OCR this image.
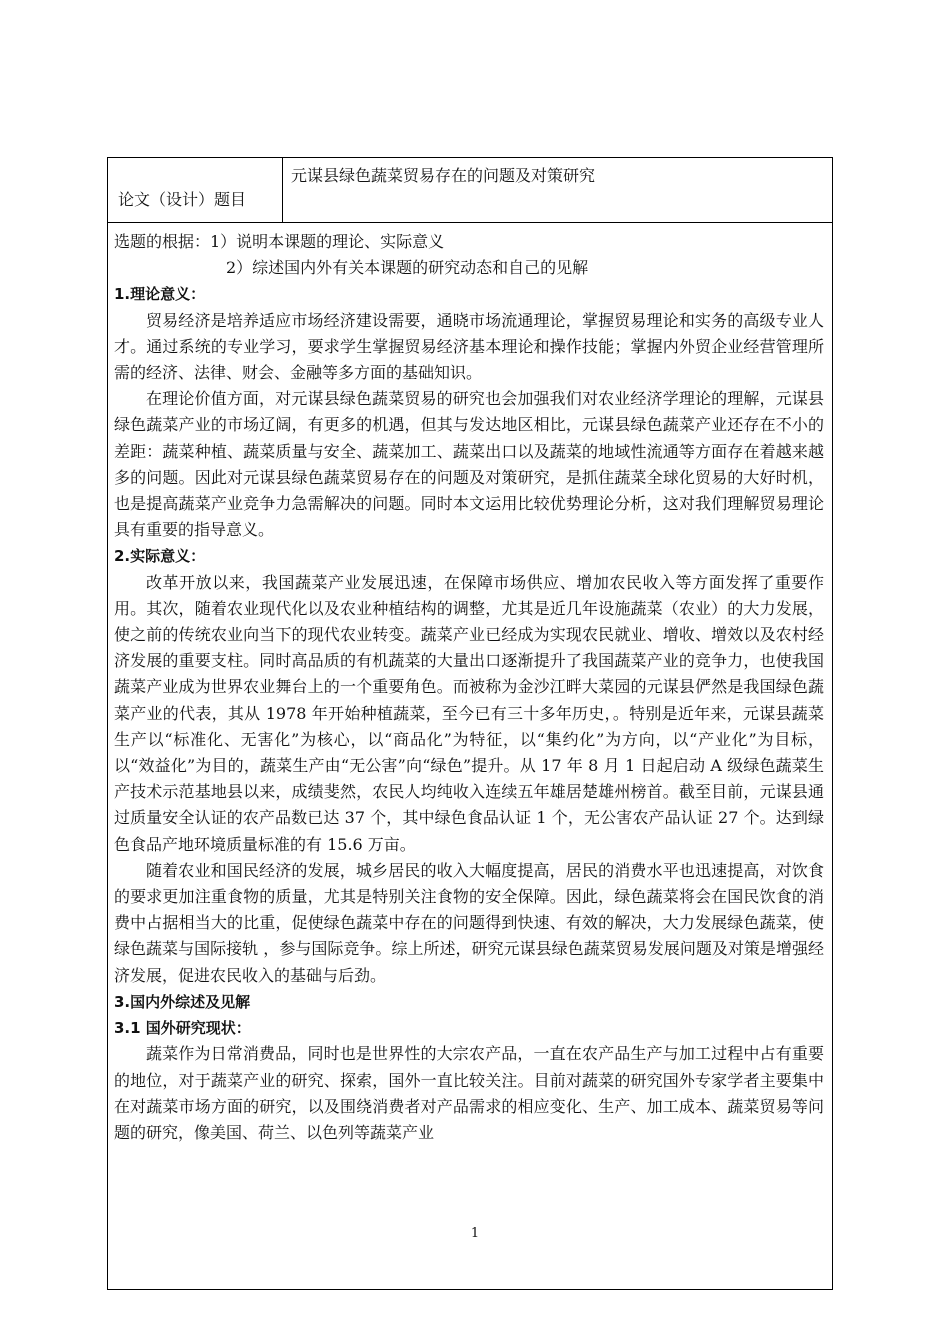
论文（设计）题目	元谋县绿色蔬菜贸易存在的问题及对策研究

选题的根据：1）说明本课题的理论、实际意义
2）综述国内外有关本课题的研究动态和自己的见解
1.理论意义：

贸易经济是培养适应市场经济建设需要，通晓市场流通理论，掌握贸易理论和实务的高级专业人才。通过系统的专业学习，要求学生掌握贸易经济基本理论和操作技能；掌握内外贸企业经营管理所需的经济、法律、财会、金融等多方面的基础知识。

在理论价值方面，对元谋县绿色蔬菜贸易的研究也会加强我们对农业经济学理论的理解，元谋县绿色蔬菜产业的市场辽阔，有更多的机遇，但其与发达地区相比，元谋县绿色蔬菜产业还存在不小的差距：蔬菜种植、蔬菜质量与安全、蔬菜加工、蔬菜出口以及蔬菜的地域性流通等方面存在着越来越多的问题。因此对元谋县绿色蔬菜贸易存在的问题及对策研究，是抓住蔬菜全球化贸易的大好时机，也是提高蔬菜产业竞争力急需解决的问题。同时本文运用比较优势理论分析，这对我们理解贸易理论具有重要的指导意义。

2.实际意义：

改革开放以来，我国蔬菜产业发展迅速，在保障市场供应、增加农民收入等方面发挥了重要作用。其次，随着农业现代化以及农业种植结构的调整，尤其是近几年设施蔬菜（农业）的大力发展，使之前的传统农业向当下的现代农业转变。蔬菜产业已经成为实现农民就业、增收、增效以及农村经济发展的重要支柱。同时高品质的有机蔬菜的大量出口逐渐提升了我国蔬菜产业的竞争力，也使我国蔬菜产业成为世界农业舞台上的一个重要角色。而被称为金沙江畔大菜园的元谋县俨然是我国绿色蔬菜产业的代表，其从 1978 年开始种植蔬菜，至今已有三十多年历史，。特别是近年来，元谋县蔬菜生产以“标准化、无害化”为核心，以“商品化”为特征，以“集约化”为方向，以“产业化”为目标，以“效益化”为目的，蔬菜生产由“无公害”向“绿色”提升。从 17 年 8 月 1 日起启动 A 级绿色蔬菜生产技术示范基地县以来，成绩斐然，农民人均纯收入连续五年雄居楚雄州榜首。截至目前，元谋县通过质量安全认证的农产品数已达 37 个，其中绿色食品认证 1 个，无公害农产品认证 27 个。达到绿色食品产地环境质量标准的有 15.6 万亩。

随着农业和国民经济的发展，城乡居民的收入大幅度提高，居民的消费水平也迅速提高，对饮食的要求更加注重食物的质量，尤其是特别关注食物的安全保障。因此，绿色蔬菜将会在国民饮食的消费中占据相当大的比重，促使绿色蔬菜中存在的问题得到快速、有效的解决，大力发展绿色蔬菜，使绿色蔬菜与国际接轨 ，参与国际竞争。综上所述，研究元谋县绿色蔬菜贸易发展问题及对策是增强经济发展，促进农民收入的基础与后劲。

3.国内外综述及见解
3.1 国外研究现状：

蔬菜作为日常消费品，同时也是世界性的大宗农产品，一直在农产品生产与加工过程中占有重要的地位，对于蔬菜产业的研究、探索，国外一直比较关注。目前对蔬菜的研究国外专家学者主要集中在对蔬菜市场方面的研究，以及围绕消费者对产品需求的相应变化、生产、加工成本、蔬菜贸易等问题的研究，像美国、荷兰、以色列等蔬菜产业

1
